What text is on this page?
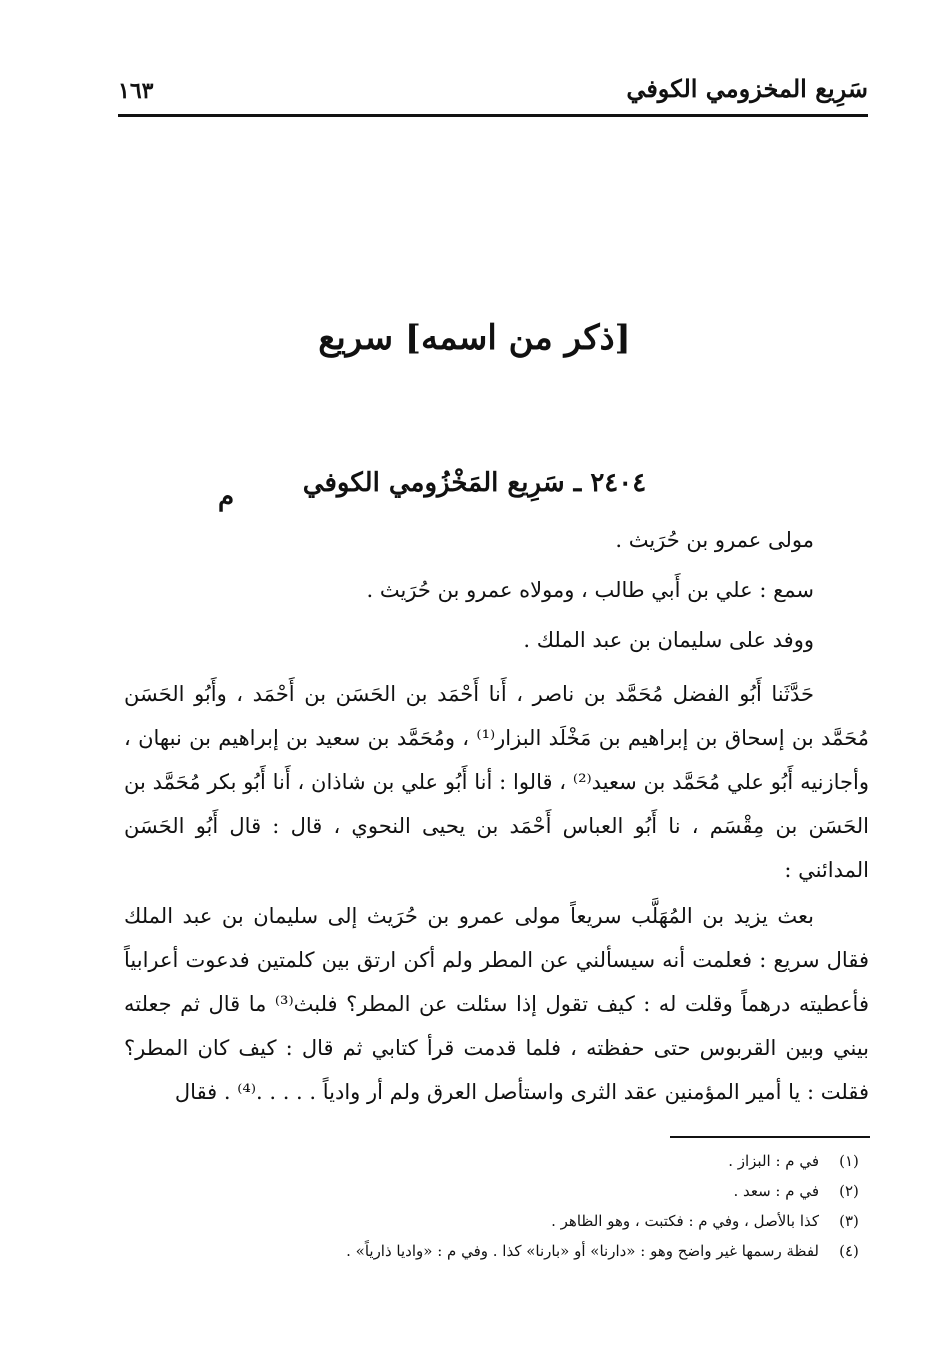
سَرِيع المخزومي الكوفي
١٦٣
[ذكر من اسمه] سريع
٢٤٠٤ ـ سَرِيع المَخْزُومي الكوفي
م
مولى عمرو بن حُرَيث .
سمع : علي بن أَبي طالب ، ومولاه عمرو بن حُرَيث .
ووفد على سليمان بن عبد الملك .
حَدَّثَنا أَبُو الفضل مُحَمَّد بن ناصر ، أَنا أَحْمَد بن الحَسَن بن أَحْمَد ، وأَبُو الحَسَن مُحَمَّد بن إسحاق بن إبراهيم بن مَخْلَد البزار⁽¹⁾ ، ومُحَمَّد بن سعيد بن إبراهيم بن نبهان ، وأجازنيه أَبُو علي مُحَمَّد بن سعيد⁽²⁾ ، قالوا : أنا أَبُو علي بن شاذان ، أَنا أَبُو بكر مُحَمَّد بن الحَسَن بن مِقْسَم ، نا أَبُو العباس أَحْمَد بن يحيى النحوي ، قال : قال أَبُو الحَسَن المدائني :
بعث يزيد بن المُهَلَّب سريعاً مولى عمرو بن حُرَيث إلى سليمان بن عبد الملك فقال سريع : فعلمت أنه سيسألني عن المطر ولم أكن ارتق بين كلمتين فدعوت أعرابياً فأعطيته درهماً وقلت له : كيف تقول إذا سئلت عن المطر؟ فلبث⁽³⁾ ما قال ثم جعلته بيني وبين القربوس حتى حفظته ، فلما قدمت قرأ كتابي ثم قال : كيف كان المطر؟ فقلت : يا أمير المؤمنين عقد الثرى واستأصل العرق ولم أر وادياً . . . . .⁽⁴⁾ . فقال
(١)في م : البزاز .
(٢)في م : سعد .
(٣)كذا بالأصل ، وفي م : فكتبت ، وهو الظاهر .
(٤)لفظة رسمها غير واضح وهو : «دارنا» أو «بارنا» كذا . وفي م : «واديا ذارياً» .
